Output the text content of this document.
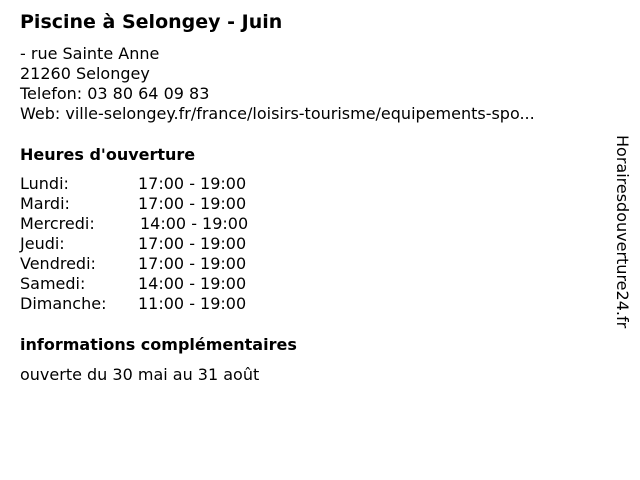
Piscine à Selongey - Juin
- rue Sainte Anne
21260 Selongey
Telefon: 03 80 64 09 83
Web: ville-selongey.fr/france/loisirs-tourisme/equipements-spo...
Heures d'ouverture
Lundi:	17:00 - 19:00
Mardi:	17:00 - 19:00
Mercredi:	14:00 - 19:00
Jeudi:	17:00 - 19:00
Vendredi:	17:00 - 19:00
Samedi:	14:00 - 19:00
Dimanche: 11:00 - 19:00
informations complémentaires
ouverte du 30 mai au 31 août
Horairesdouverture24.fr
